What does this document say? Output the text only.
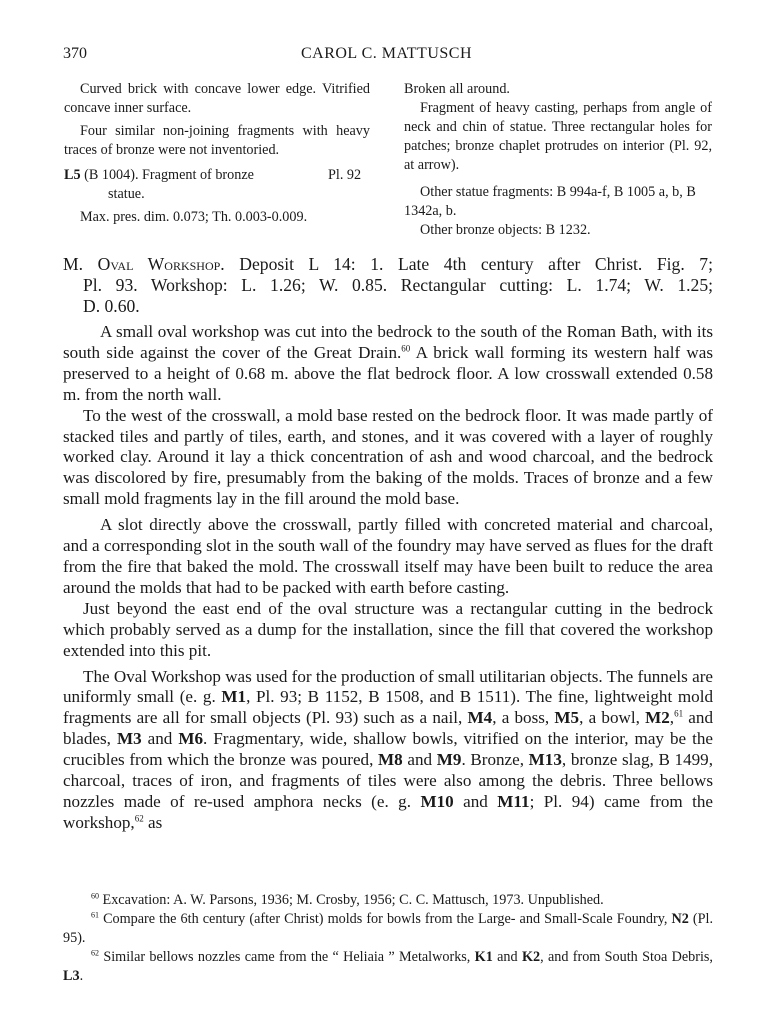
370	CAROL C. MATTUSCH

Curved brick with concave lower edge. Vitrified concave inner surface.

Four similar non-joining fragments with heavy traces of bronze were not inventoried.

L5 (B 1004). Fragment of bronze	Pl. 92
statue.

Max. pres. dim. 0.073; Th. 0.003-0.009.

Broken all around.

Fragment of heavy casting, perhaps from angle of neck and chin of statue. Three rectangular holes for patches; bronze chaplet protrudes on interior (Pl. 92, at arrow).

Other statue fragments: B 994a-f, B 1005 a, b, B 1342a, b.

Other bronze objects: B 1232.

M. Oval Workshop. Deposit L 14: 1. Late 4th century after Christ. Fig. 7;
Pl. 93. Workshop: L. 1.26; W. 0.85. Rectangular cutting: L. 1.74; W. 1.25;
D. 0.60.

A small oval workshop was cut into the bedrock to the south of the Roman Bath, with its south side against the cover of the Great Drain.$^{60}$ A brick wall forming its western half was preserved to a height of 0.68 m. above the flat bedrock floor. A low crosswall extended 0.58 m. from the north wall.

To the west of the crosswall, a mold base rested on the bedrock floor. It was made partly of stacked tiles and partly of tiles, earth, and stones, and it was covered with a layer of roughly worked clay. Around it lay a thick concentration of ash and wood charcoal, and the bedrock was discolored by fire, presumably from the baking of the molds. Traces of bronze and a few small mold fragments lay in the fill around the mold base.

A slot directly above the crosswall, partly filled with concreted material and charcoal, and a corresponding slot in the south wall of the foundry may have served as flues for the draft from the fire that baked the mold. The crosswall itself may have been built to reduce the area around the molds that had to be packed with earth before casting.

Just beyond the east end of the oval structure was a rectangular cutting in the bedrock which probably served as a dump for the installation, since the fill that covered the workshop extended into this pit.

The Oval Workshop was used for the production of small utilitarian objects. The funnels are uniformly small (e. g. M1, Pl. 93; B 1152, B 1508, and B 1511). The fine, lightweight mold fragments are all for small objects (Pl. 93) such as a nail, M4, a boss, M5, a bowl, M2,61 and blades, M3 and M6. Fragmentary, wide, shallow bowls, vitrified on the interior, may be the crucibles from which the bronze was poured, M8 and M9. Bronze, M13, bronze slag, B 1499, charcoal, traces of iron, and fragments of tiles were also among the debris. Three bellows nozzles made of re-used amphora necks (e. g. M10 and M11; Pl. 94) came from the workshop,$^{62}$ as

$^{60}$ Excavation: A. W. Parsons, 1936; M. Crosby, 1956; C. C. Mattusch, 1973. Unpublished.

$^{61}$ Compare the 6th century (after Christ) molds for bowls from the Large- and Small-Scale Foundry, N2 (Pl. 95).

$^{62}$ Similar bellows nozzles came from the “ Heliaia ” Metalworks, K1 and K2, and from South Stoa Debris, L3.
